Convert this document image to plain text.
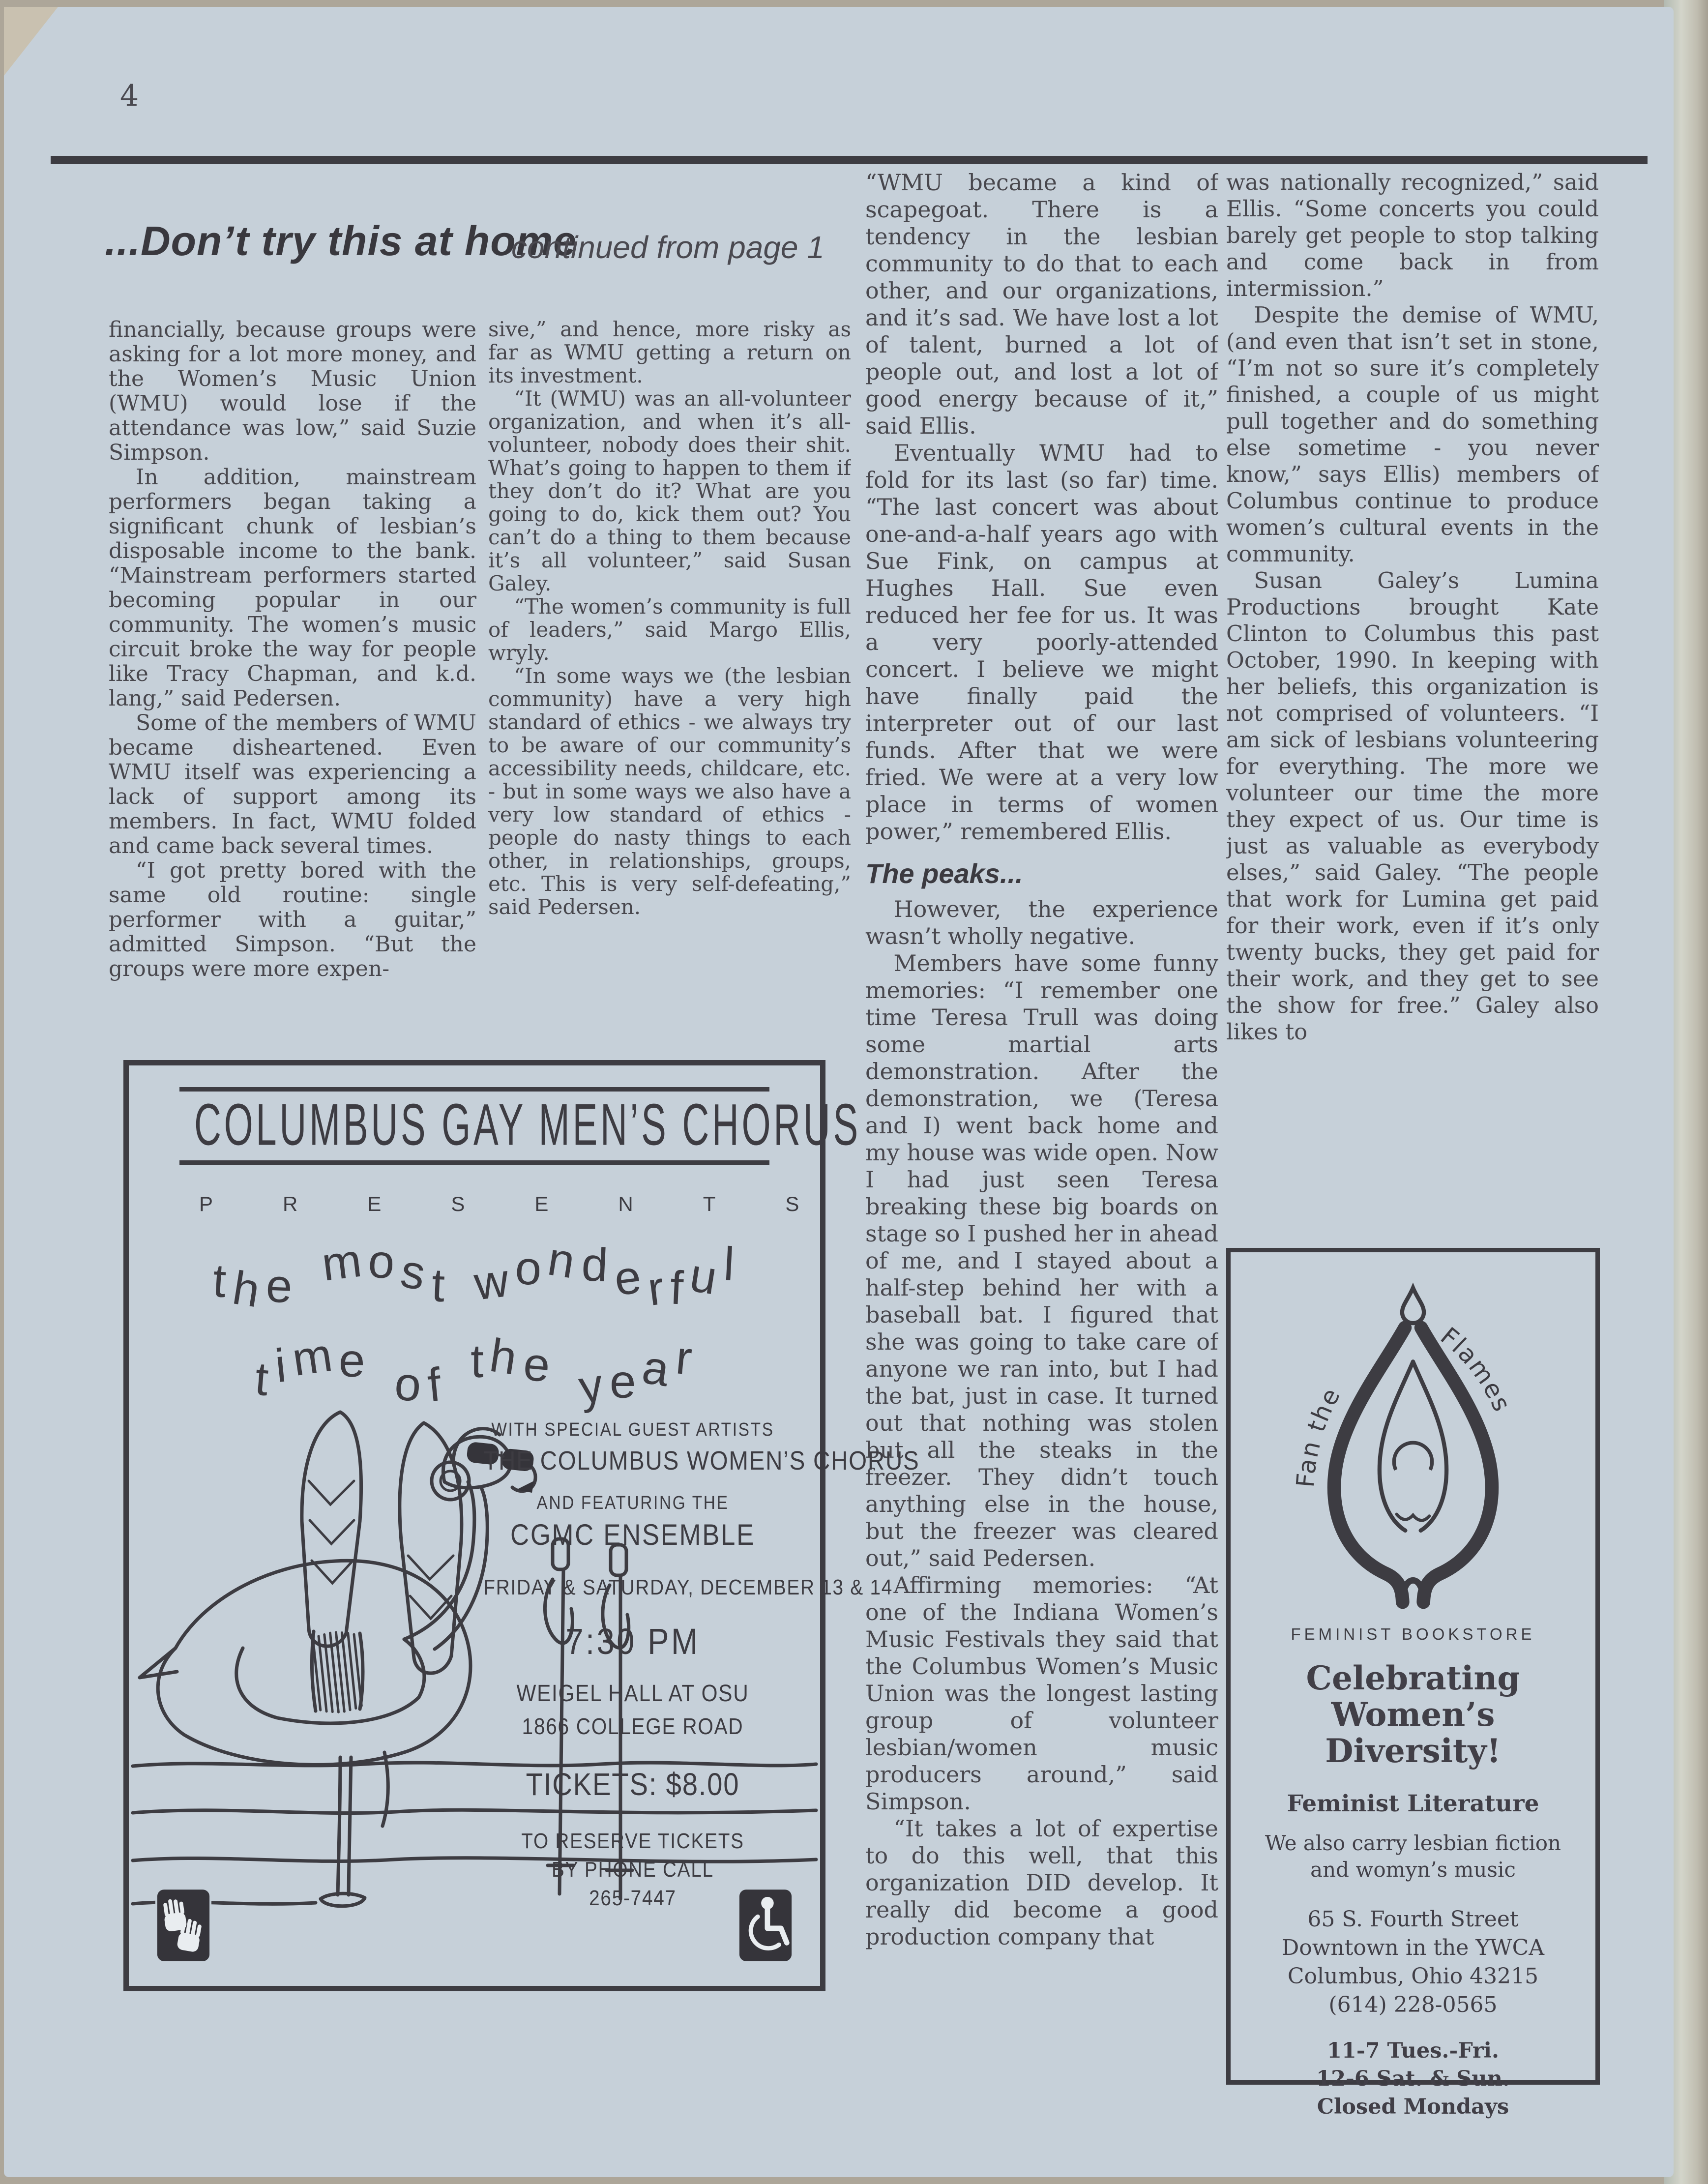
4
...Don’t try this at home
continued from page 1

financially, because groups were asking for a lot more money, and the Women’s Music Union (WMU) would lose if the attendance was low,” said Suzie Simpson.

In addition, mainstream performers began taking a significant chunk of lesbian’s disposable income to the bank. “Mainstream performers started becoming popular in our community. The women’s music circuit broke the way for people like Tracy Chapman, and k.d. lang,” said Pedersen.

Some of the members of WMU became disheartened. Even WMU itself was experiencing a lack of support among its members. In fact, WMU folded and came back several times.

“I got pretty bored with the same old routine: single performer with a guitar,” admitted Simpson. “But the groups were more expen-

sive,” and hence, more risky as far as WMU getting a return on its investment.

“It (WMU) was an all-volunteer organization, and when it’s all-volunteer, nobody does their shit. What’s going to happen to them if they don’t do it? What are you going to do, kick them out? You can’t do a thing to them because it’s all volunteer,” said Susan Galey.

“The women’s community is full of leaders,” said Margo Ellis, wryly.

“In some ways we (the lesbian community) have a very high standard of ethics - we always try to be aware of our community’s accessibility needs, childcare, etc. - but in some ways we also have a very low standard of ethics - people do nasty things to each other, in relationships, groups, etc. This is very self-defeating,” said Pedersen.

“WMU became a kind of scapegoat. There is a tendency in the lesbian community to do that to each other, and our organizations, and it’s sad. We have lost a lot of talent, burned a lot of people out, and lost a lot of good energy because of it,” said Ellis.

Eventually WMU had to fold for its last (so far) time. “The last concert was about one-and-a-half years ago with Sue Fink, on campus at Hughes Hall. Sue even reduced her fee for us. It was a very poorly-attended concert. I believe we might have finally paid the interpreter out of our last funds. After that we were fried. We were at a very low place in terms of women power,” remembered Ellis.

The peaks...

However, the experience wasn’t wholly negative.

Members have some funny memories: “I remember one time Teresa Trull was doing some martial arts demonstration. After the demonstration, we (Teresa and I) went back home and my house was wide open. Now I had just seen Teresa breaking these big boards on stage so I pushed her in ahead of me, and I stayed about a half-step behind her with a baseball bat. I figured that she was going to take care of anyone we ran into, but I had the bat, just in case. It turned out that nothing was stolen but all the steaks in the freezer. They didn’t touch anything else in the house, but the freezer was cleared out,” said Pedersen.

Affirming memories: “At one of the Indiana Women’s Music Festivals they said that the Columbus Women’s Music Union was the longest lasting group of volunteer lesbian/women music producers around,” said Simpson.

“It takes a lot of expertise to do this well, that this organization DID develop. It really did become a good production company that

was nationally recognized,” said Ellis. “Some concerts you could barely get people to stop talking and come back in from intermission.”

Despite the demise of WMU, (and even that isn’t set in stone, “I’m not so sure it’s completely finished, a couple of us might pull together and do something else sometime - you never know,” says Ellis) members of Columbus continue to produce women’s cultural events in the community.

Susan Galey’s Lumina Productions brought Kate Clinton to Columbus this past October, 1990. In keeping with her beliefs, this organization is not comprised of volunteers. “I am sick of lesbians volunteering for everything. The more we volunteer our time the more they expect of us. Our time is just as valuable as everybody elses,” said Galey. “The people that work for Lumina get paid for their work, even if it’s only twenty bucks, they get paid for their work, and they get to see the show for free.” Galey also likes to

COLUMBUS GAY MEN’S CHORUS
PRESENTS
the most wonderful
time of the year
WITH SPECIAL GUEST ARTISTS
THE COLUMBUS WOMEN’S CHORUS
AND FEATURING THE
CGMC ENSEMBLE
FRIDAY & SATURDAY, DECEMBER 13 & 14
7:30 PM
WEIGEL HALL AT OSU
1866 COLLEGE ROAD
TICKETS: $8.00
TO RESERVE TICKETS
BY PHONE CALL
265-7447
Fan the
Flames
FEMINIST BOOKSTORE
Celebrating Women’s Diversity!
Feminist Literature
We also carry lesbian fiction and womyn’s music
65 S. Fourth Street
Downtown in the YWCA
Columbus, Ohio 43215
(614) 228-0565
11-7 Tues.-Fri.
12-6 Sat. & Sun.
Closed Mondays
